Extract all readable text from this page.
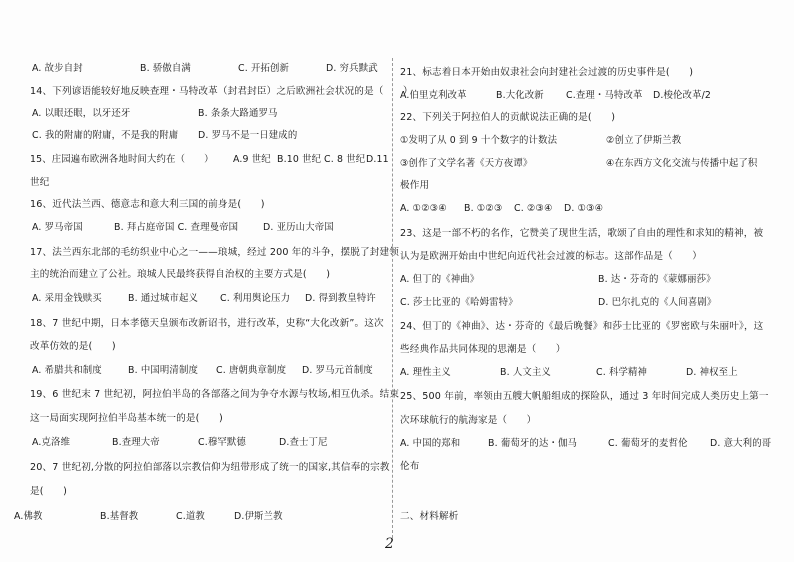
A. 故步自封	B. 骄傲自满	C. 开拓创新	D. 穷兵黩武
14、下列谚语能较好地反映查理・马特改革（封君封臣）之后欧洲社会状况的是（　　）
A. 以眼还眼，以牙还牙	B. 条条大路通罗马
C. 我的附庸的附庸，不是我的附庸 D. 罗马不是一日建成的
15、庄园遍布欧洲各地时间大约在（　　） A.9 世纪 B.10 世纪 C. 8 世纪 D.11
世纪
16、近代法兰西、德意志和意大利三国的前身是(　　)
A. 罗马帝国	B. 拜占庭帝国 C. 查理曼帝国	D. 亚历山大帝国
17、法兰西东北部的毛纺织业中心之一——琅城，经过 200 年的斗争，摆脱了封建领
主的统治而建立了公社。琅城人民最终获得自治权的主要方式是(　　)
A. 采用金钱赎买	B. 通过城市起义 C. 利用舆论压力 D. 得到教皇特许
18、7 世纪中期，日本孝德天皇颁布改新诏书，进行改革，史称“大化改新”。这次
改革仿效的是(　　)
A. 希腊共和制度	B. 中国明清制度 C. 唐朝典章制度 D. 罗马元首制度
19、6 世纪末 7 世纪初，阿拉伯半岛的各部落之间为争夺水源与牧场,相互仇杀。结束
这一局面实现阿拉伯半岛基本统一的是(　　)
A.克洛维	B.查理大帝	C.穆罕默德	D.查士丁尼
20、7 世纪初,分散的阿拉伯部落以宗教信仰为纽带形成了统一的国家,其信奉的宗教
是(　　)
A.佛教	B.基督教	C.道教	D.伊斯兰教
21、标志着日本开始由奴隶社会向封建社会过渡的历史事件是(　　)
A.伯里克利改革	B.大化改新 C.查理・马特改革 D.梭伦改革/2
22、下列关于阿拉伯人的贡献说法正确的是(　　)
①发明了从 0 到 9 十个数字的计数法	②创立了伊斯兰教
③创作了文学名著《天方夜谭》	④在东西方文化交流与传播中起了积
极作用
A. ①②③④ B. ①②③ C. ②③④ D. ①③④
23、这是一部不朽的名作，它赞美了现世生活，歌颂了自由的理性和求知的精神，被
认为是欧洲开始由中世纪向近代社会过渡的标志。这部作品是（　　）
A. 但丁的《神曲》	B. 达・芬奇的《蒙娜丽莎》
C. 莎士比亚的《哈姆雷特》	D. 巴尔扎克的《人间喜剧》
24、但丁的《神曲》、达・芬奇的《最后晚餐》和莎士比亚的《罗密欧与朱丽叶》，这
些经典作品共同体现的思潮是（　　）
A. 理性主义	B. 人文主义	C. 科学精神	D. 神权至上
25、500 年前，率领由五艘大帆船组成的探险队，通过 3 年时间完成人类历史上第一
次环球航行的航海家是（　　）
A. 中国的郑和	B. 葡萄牙的达・伽马	C. 葡萄牙的麦哲伦 D. 意大利的哥
伦布
二、材料解析
2
